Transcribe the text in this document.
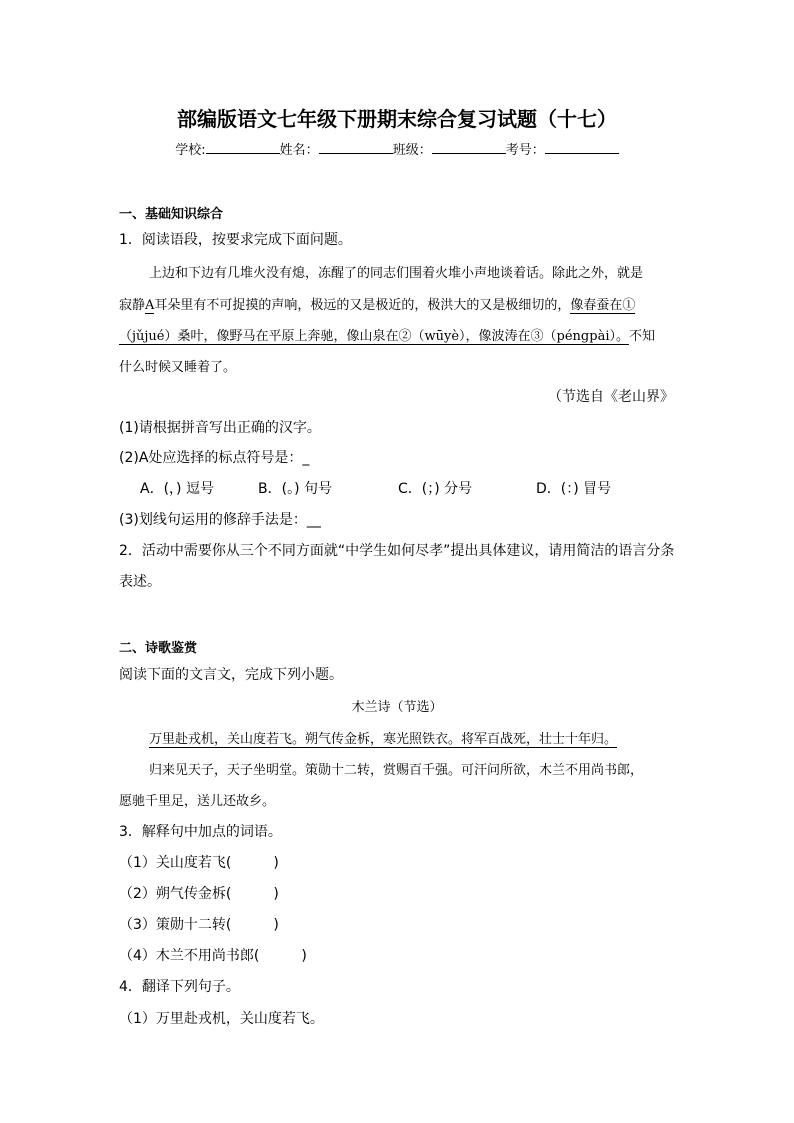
部编版语文七年级下册期末综合复习试题（十七）
学校:	姓名：	班级：	考号：
一、基础知识综合
1．阅读语段，按要求完成下面问题。
上边和下边有几堆火没有熄，冻醒了的同志们围着火堆小声地谈着话。除此之外，就是
寂静A耳朵里有不可捉摸的声响，极远的又是极近的，极洪大的又是极细切的，像春蚕在①
（jǔjué）桑叶，像野马在平原上奔驰，像山泉在②（wūyè），像波涛在③（péngpài）。不知
什么时候又睡着了。
（节选自《老山界》
(1)请根据拼音写出正确的汉字。
(2)A处应选择的标点符号是：_
A．(，) 逗号	B．(。) 句号	C．(；) 分号	D．(：) 冒号
(3)划线句运用的修辞手法是：__
2．活动中需要你从三个不同方面就“中学生如何尽孝”提出具体建议，请用简洁的语言分条
表述。
二、诗歌鉴赏
阅读下面的文言文，完成下列小题。
木兰诗（节选）
万里赴戎机，关山度若飞。朔气传金柝，寒光照铁衣。将军百战死，壮士十年归。
归来见天子，天子坐明堂。策勋十二转，赏赐百千强。可汗问所欲，木兰不用尚书郎，
愿驰千里足，送儿还故乡。
3．解释句中加点的词语。
（1）关山度若飞(　　　)
（2）朔气传金柝(　　　)
（3）策勋十二转(　　　)
（4）木兰不用尚书郎(　　　)
4．翻译下列句子。
（1）万里赴戎机，关山度若飞。
